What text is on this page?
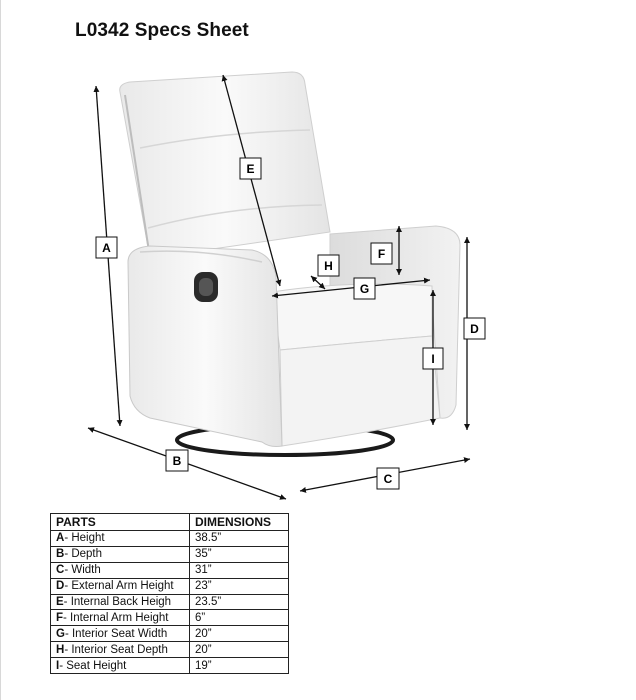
L0342 Specs Sheet
A
B
C
D
E
F
G
H
I
PARTS	DIMENSIONS
A- Height	38.5”
B- Depth	35”
C- Width	31”
D- External Arm Height	23”
E- Internal Back Heigh	23.5”
F- Internal Arm Height	6”
G- Interior Seat Width	20”
H- Interior Seat Depth	20”
I- Seat Height	19”
